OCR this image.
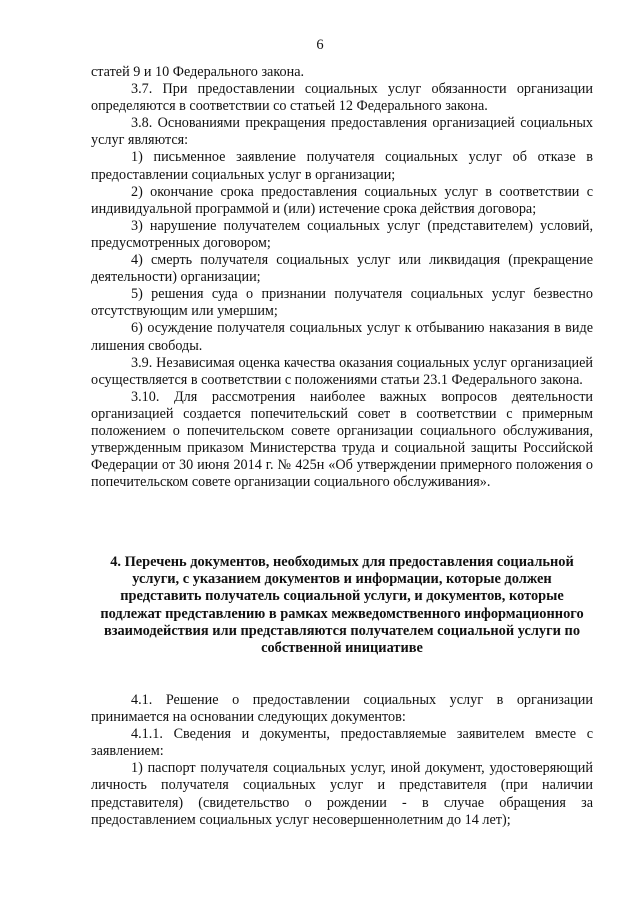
6

статей 9 и 10 Федерального закона.

3.7. При предоставлении социальных услуг обязанности организации определяются в соответствии со статьей 12 Федерального закона.

3.8. Основаниями прекращения предоставления организацией социальных услуг являются:

1) письменное заявление получателя социальных услуг об отказе в предоставлении социальных услуг в организации;

2) окончание срока предоставления социальных услуг в соответствии с индивидуальной программой и (или) истечение срока действия договора;

3) нарушение получателем социальных услуг (представителем) условий, предусмотренных договором;

4) смерть получателя социальных услуг или ликвидация (прекращение деятельности) организации;

5) решения суда о признании получателя социальных услуг безвестно отсутствующим или умершим;

6) осуждение получателя социальных услуг к отбыванию наказания в виде лишения свободы.

3.9. Независимая оценка качества оказания социальных услуг организацией осуществляется в соответствии с положениями статьи 23.1 Федерального закона.

3.10. Для рассмотрения наиболее важных вопросов деятельности организацией создается попечительский совет в соответствии с примерным положением о попечительском совете организации социального обслуживания, утвержденным приказом Министерства труда и социальной защиты Российской Федерации от 30 июня 2014 г. № 425н «Об утверждении примерного положения о попечительском совете организации социального обслуживания».

4. Перечень документов, необходимых для предоставления социальной услуги, с указанием документов и информации, которые должен представить получатель социальной услуги, и документов, которые подлежат представлению в рамках межведомственного информационного взаимодействия или представляются получателем социальной услуги по собственной инициативе

4.1. Решение о предоставлении социальных услуг в организации принимается на основании следующих документов:

4.1.1. Сведения и документы, предоставляемые заявителем вместе с заявлением:

1) паспорт получателя социальных услуг, иной документ, удостоверяющий личность получателя социальных услуг и представителя (при наличии представителя) (свидетельство о рождении - в случае обращения за предоставлением социальных услуг несовершеннолетним до 14 лет);
